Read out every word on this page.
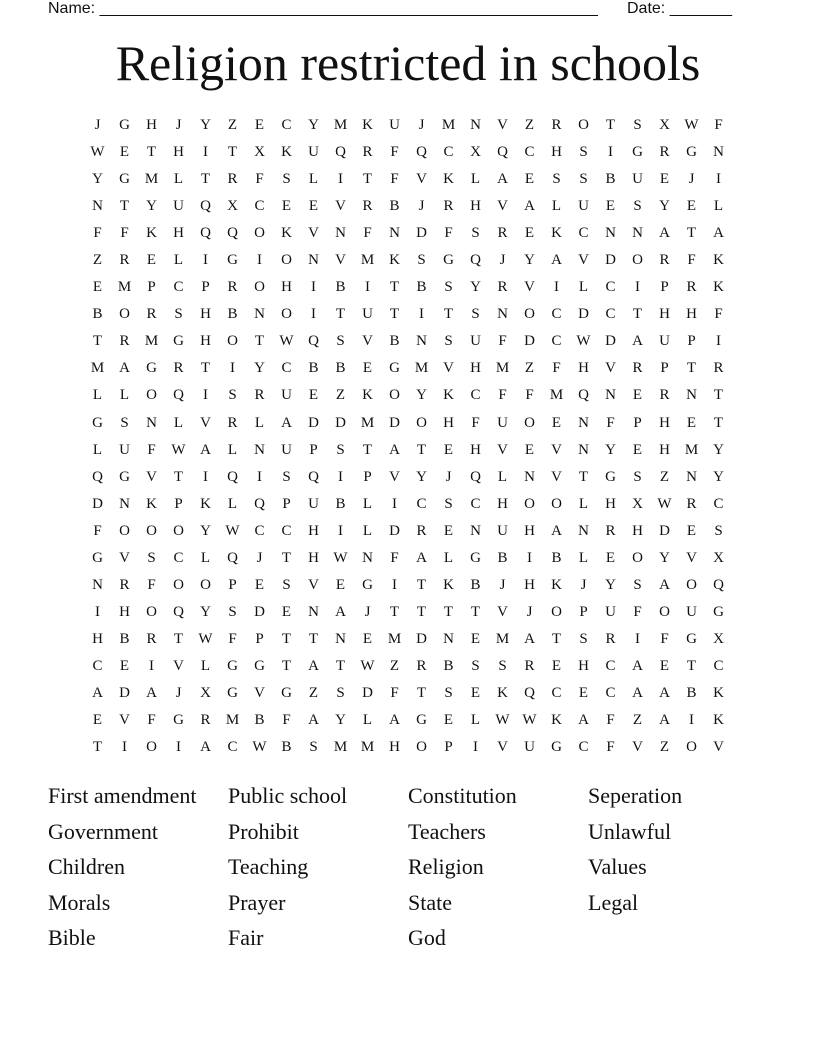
Name: ________________________________________________________ Date: _______
Religion restricted in schools
J	G	H	J	Y	Z	E	C	Y M K	U	J	M N	V	Z	R	O	T	S	X W	F
W	E	T	H	I	T	X	K	U	Q	R	F	Q	C	X	Q	C	H	S	I	G	R	G	N
Y	G M	L	T	R	F	S	L	I	T	F	V	K	L	A	E	S	S	B	U	E	J	I
N	T	Y	U	Q	X	C	E	E	V	R	B	J	R	H	V	A	L	U	E	S	Y	E	L
F	F	K	H	Q	Q	O	K	V	N	F	N	D	F	S	R	E	K	C	N	N	A	T	A
Z	R	E	L	I	G	I	O	N	V M K	S	G	Q	J	Y	A	V	D	O	R	F	K
E	M	P	C	P	R	O	H	I	B	I	T	B	S	Y	R	V	I	L	C	I	P	R	K
B	O	R	S	H	B	N	O	I	T	U	T	I	T	S	N	O	C	D	C	T	H	H	F
T	R	M G	H	O	T	W Q	S	V	B	N	S	U	F	D	C W D	A	U	P	I
M A	G	R	T	I	Y	C	B	B	E	G M V	H M	Z	F	H	V	R	P	T	R
L	L	O	Q	I	S	R	U	E	Z	K	O	Y	K	C	F	F	M Q	N	E	R	N	T
G	S	N	L	V	R	L	A	D	D M D	O	H	F	U	O	E	N	F	P	H	E	T
L	U	F	W A	L	N	U	P	S	T	A	T	E	H	V	E	V	N	Y	E	H M Y
Q	G	V	T	I	Q	I	S	Q	I	P	V	Y	J	Q	L	N	V	T	G	S	Z	N	Y
D	N	K	P	K	L	Q	P	U	B	L	I	C	S	C	H	O	O	L	H	X W R	C
F	O	O	O	Y W C	C	H	I	L	D	R	E	N	U	H	A	N	R	H	D	E	S
G	V	S	C	L	Q	J	T	H W N	F	A	L	G	B	I	B	L	E	O	Y	V	X
N	R	F	O	O	P	E	S	V	E	G	I	T	K	B	J	H	K	J	Y	S	A	O	Q
I	H	O	Q	Y	S	D	E	N	A	J	T	T	T	T	V	J	O	P	U	F	O	U	G
H	B	R	T	W	F	P	T	T	N	E	M D	N	E	M A	T	S	R	I	F	G	X
C	E	I	V	L	G	G	T	A	T	W	Z	R	B	S	S	R	E	H	C	A	E	T	C
A	D	A	J	X	G	V	G	Z	S	D	F	T	S	E	K	Q	C	E	C	A	A	B	K
E	V	F	G	R	M	B	F	A	Y	L	A	G	E	L	W W K	A	F	Z	A	I	K
T	I	O	I	A	C W B	S	M M H	O	P	I	V	U	G	C	F	V	Z	O	V
First amendment	Public school	Constitution	Seperation
Government	Prohibit	Teachers	Unlawful
Children	Teaching	Religion	Values
Morals	Prayer	State	Legal
Bible	Fair	God
